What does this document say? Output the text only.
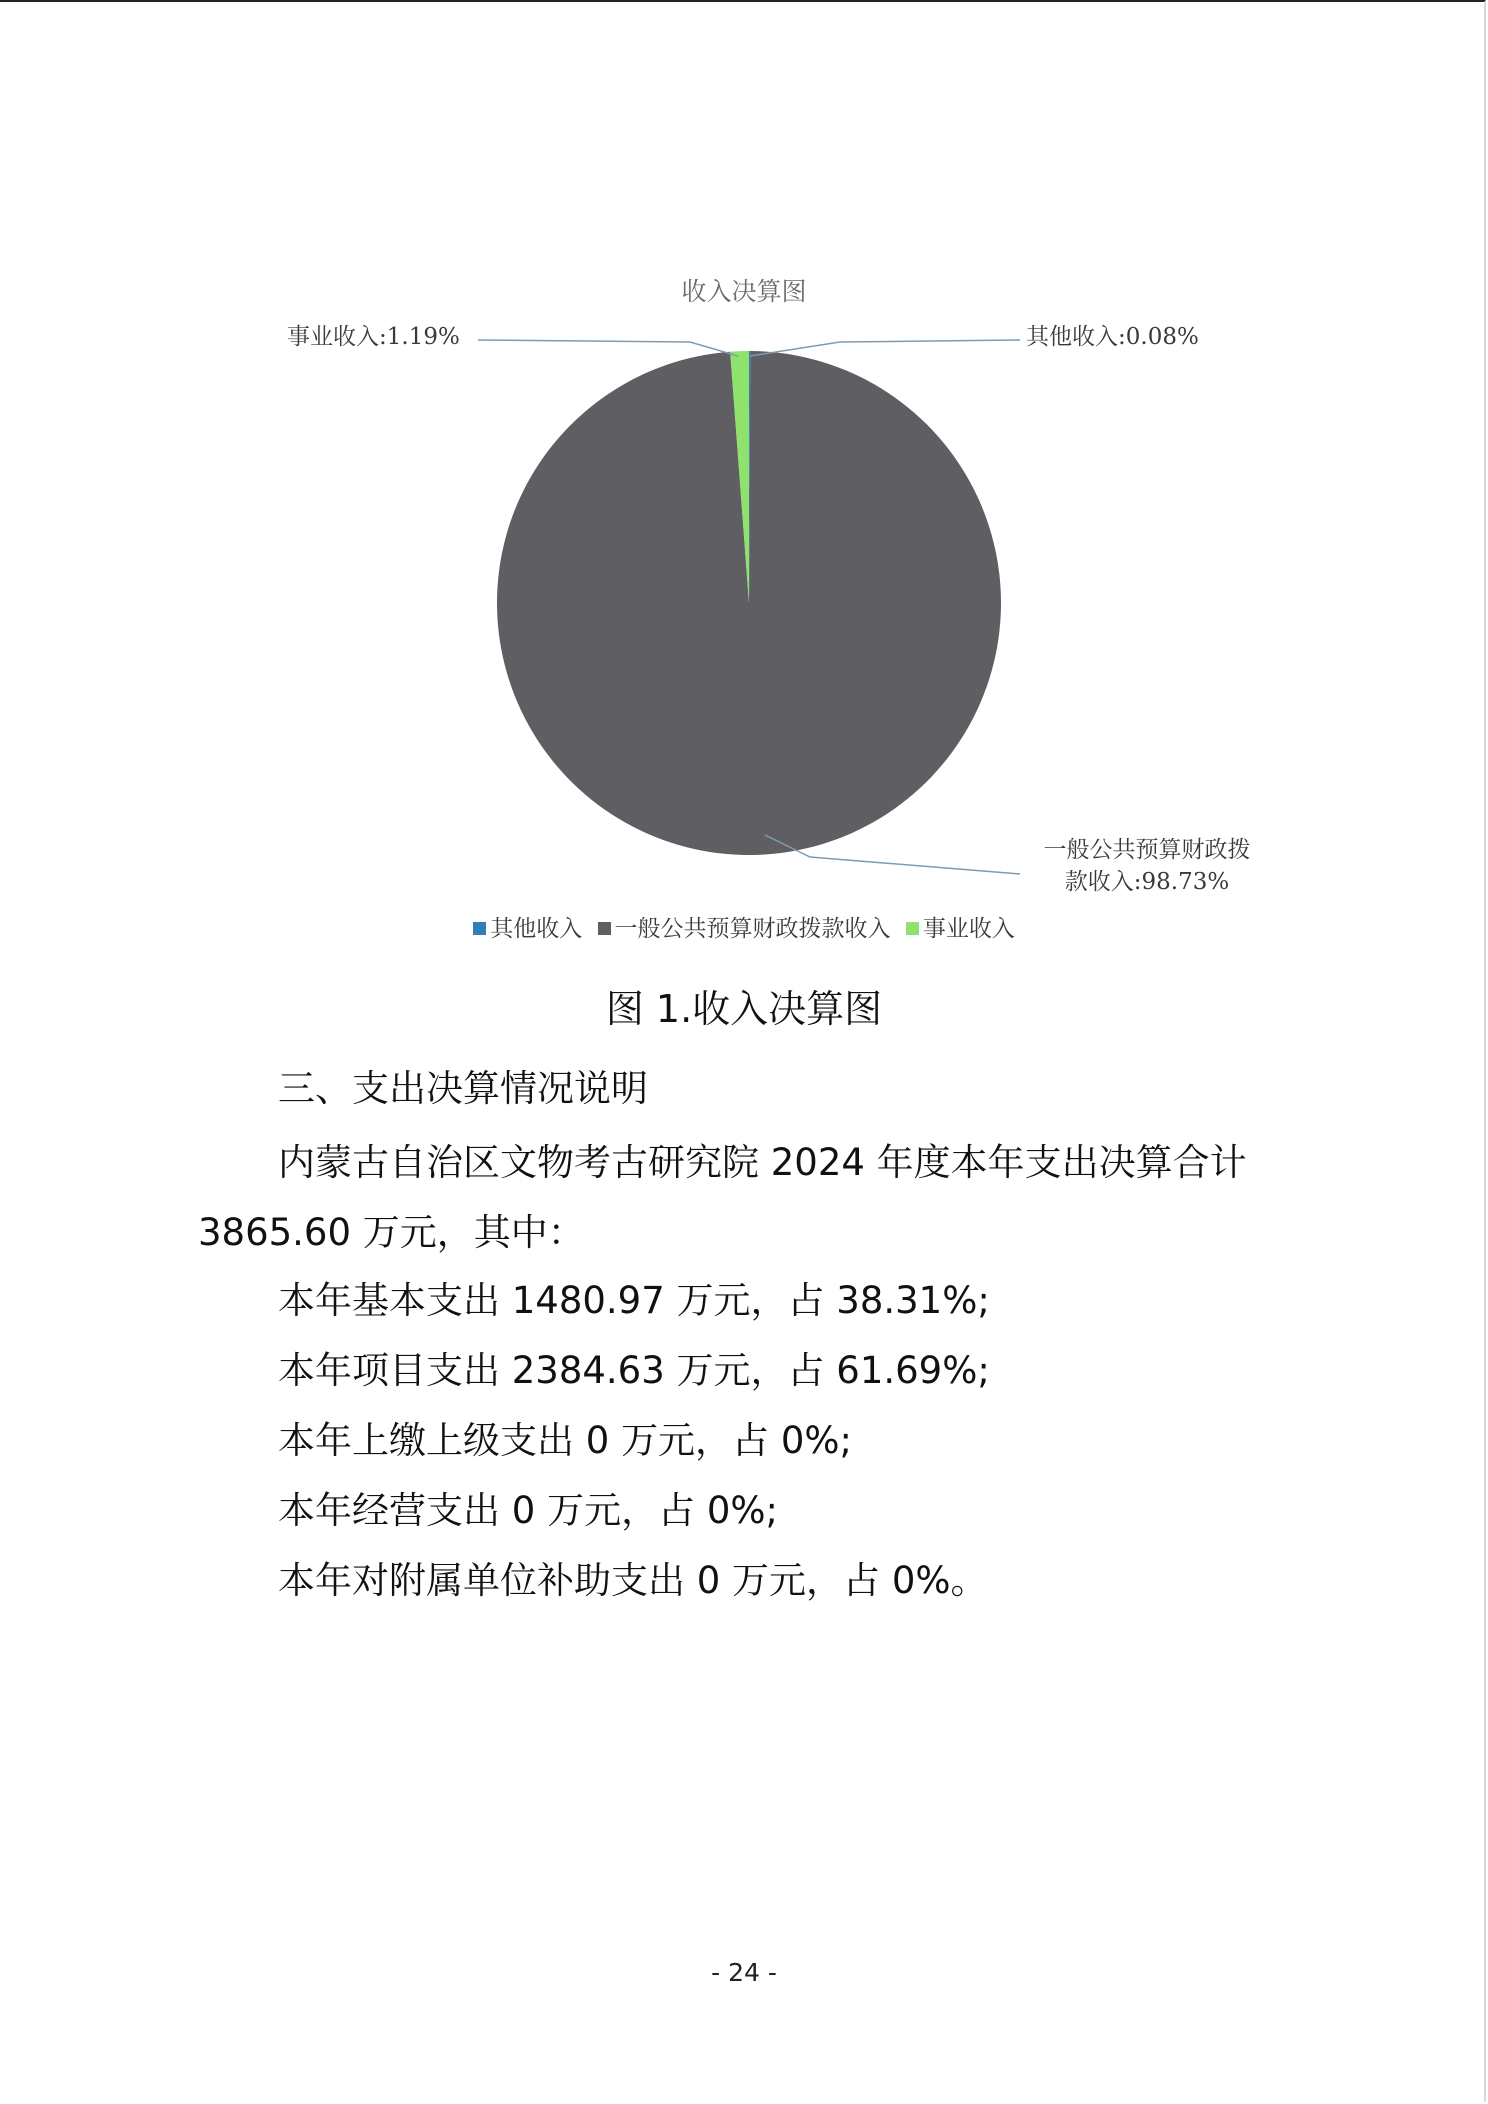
收入决算图
事业收入:1.19%	其他收入:0.08%
一般公共预算财政拨
款收入:98.73%
其他收入 一般公共预算财政拨款收入 事业收入
图 1.收入决算图
三、支出决算情况说明
内蒙古自治区文物考古研究院 2024 年度本年支出决算合计 3865.60 万元，其中：
本年基本支出 1480.97 万元，占 38.31%;
本年项目支出 2384.63 万元，占 61.69%;
本年上缴上级支出 0 万元，占 0%;
本年经营支出 0 万元，占 0%;
本年对附属单位补助支出 0 万元，占 0%。
- 24 -
